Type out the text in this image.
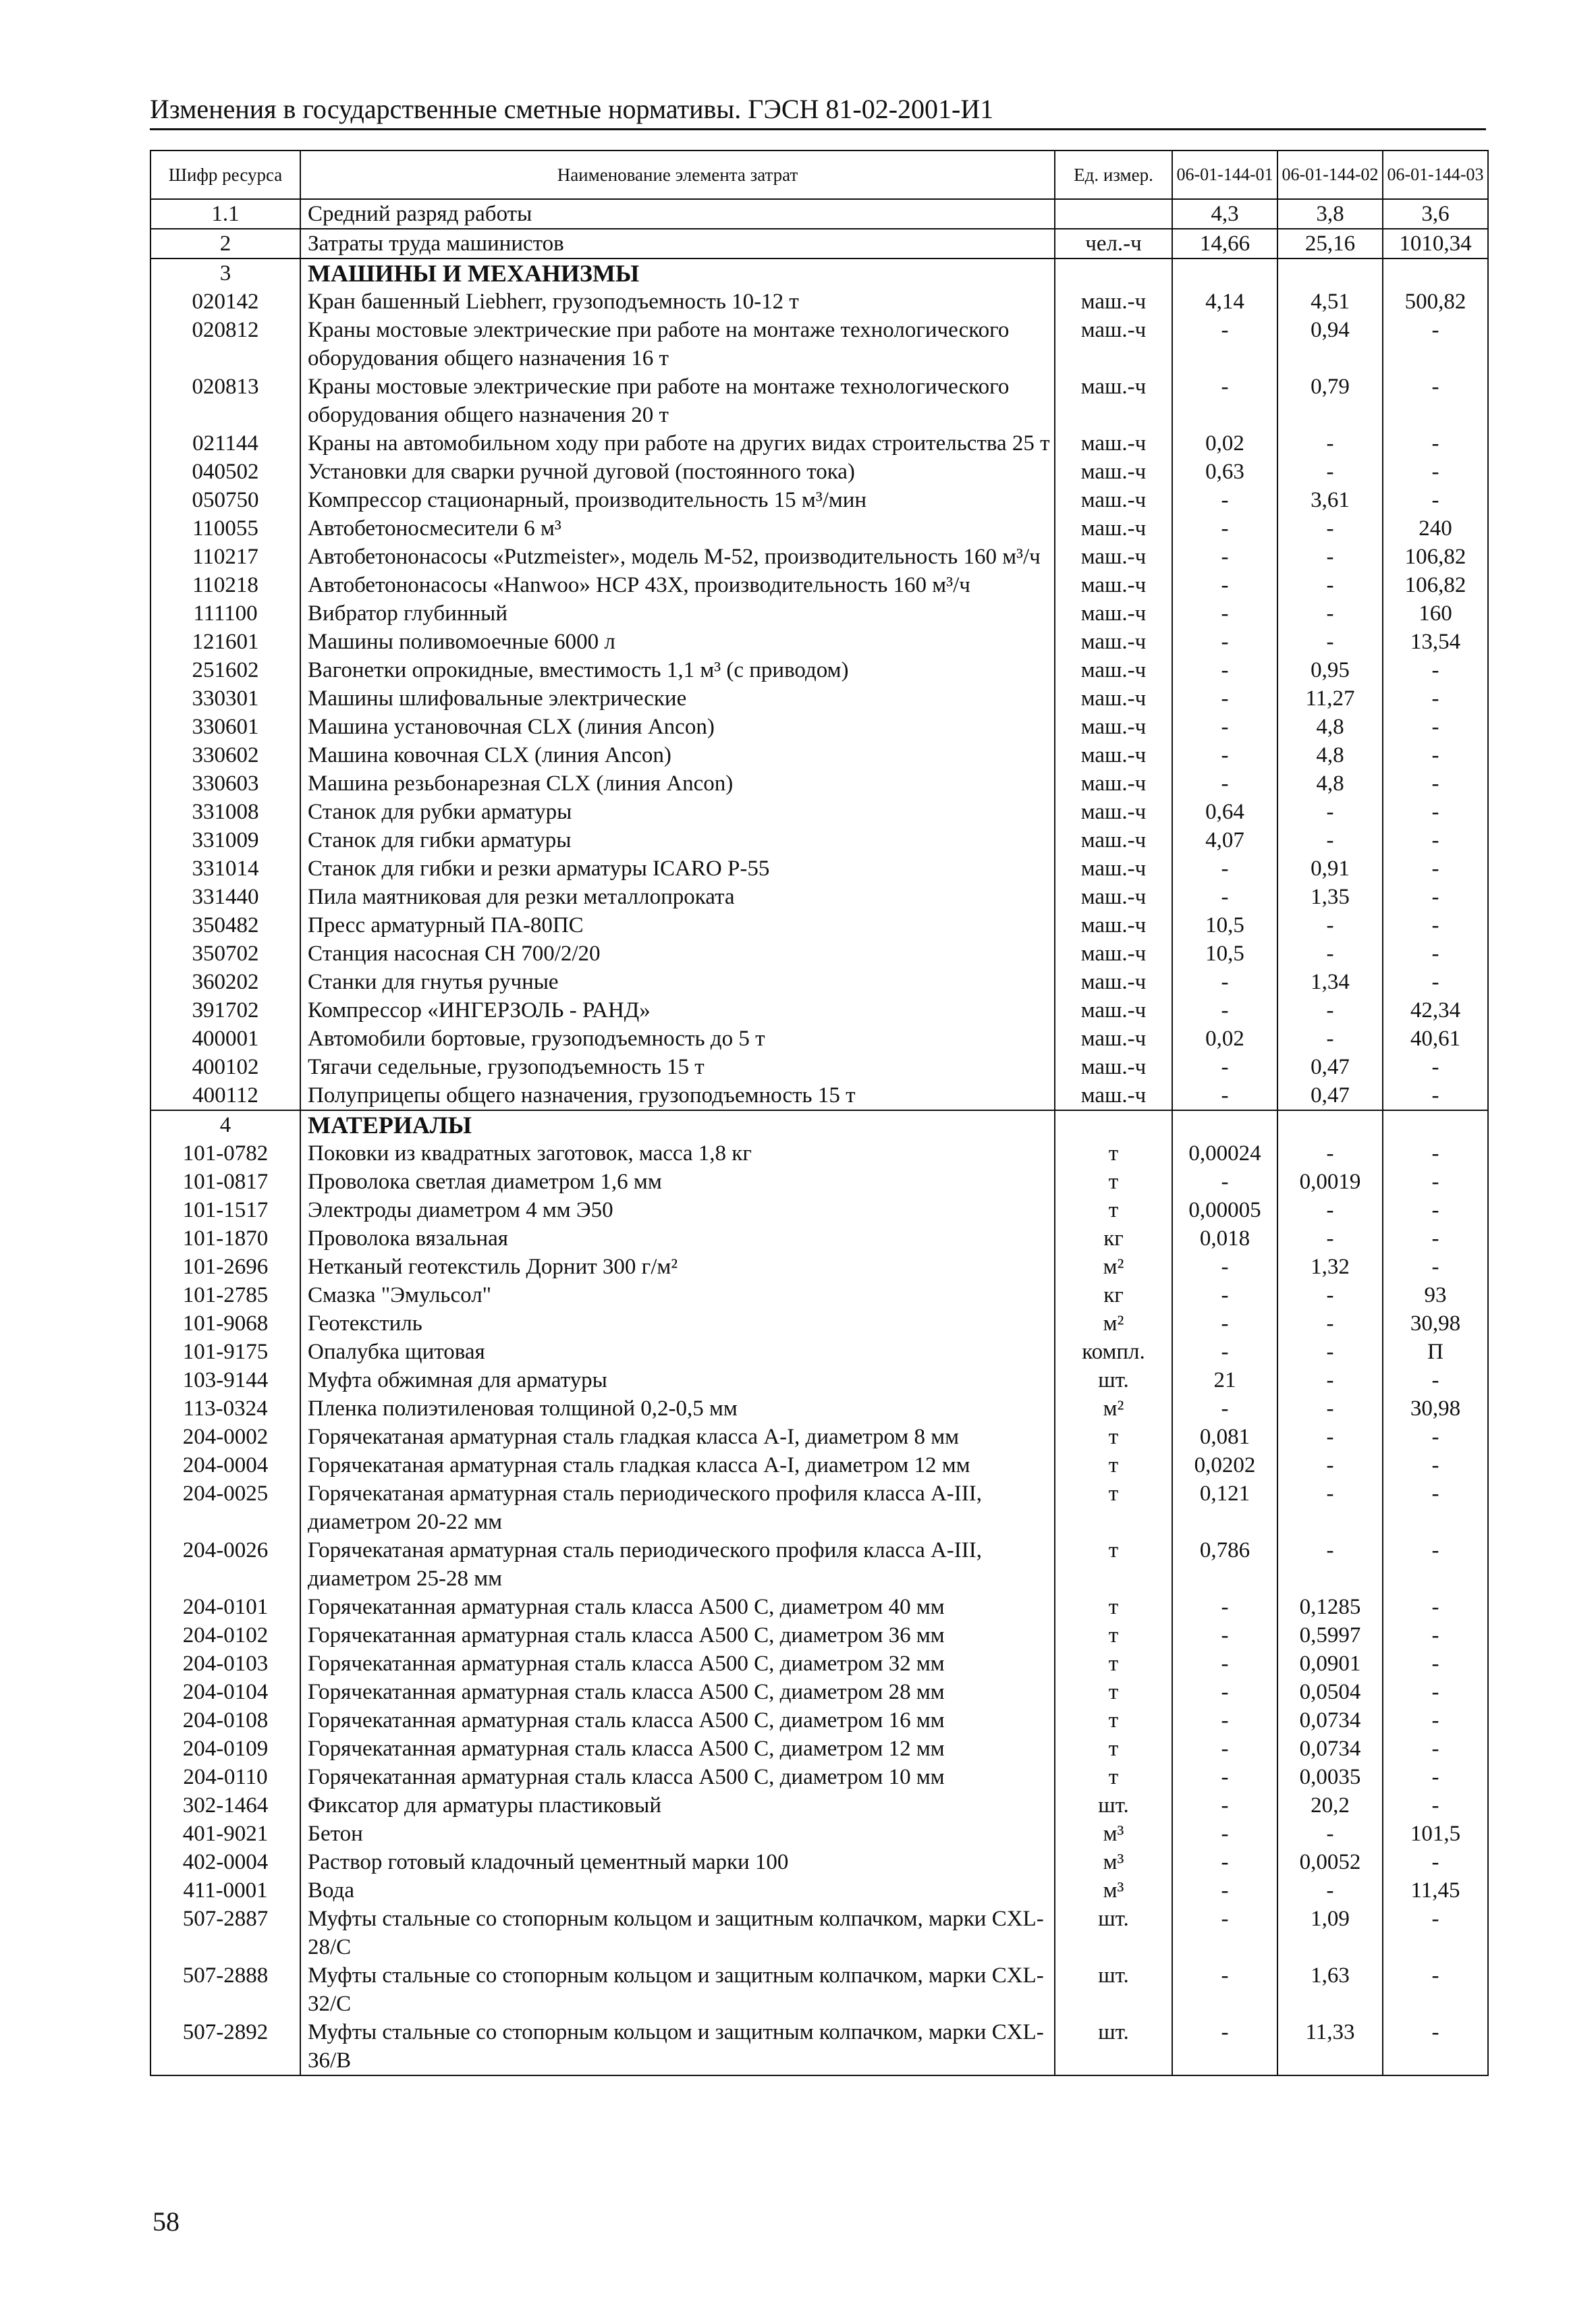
Изменения в государственные сметные нормативы. ГЭСН 81-02-2001-И1
Шифр ресурса	Наименование элемента затрат	Ед. измер.	06-01-144-01	06-01-144-02	06-01-144-03
1.1	Средний разряд работы		4,3	3,8	3,6
2	Затраты труда машинистов	чел.-ч	14,66	25,16	1010,34
3	МАШИНЫ И МЕХАНИЗМЫ				
020142	Кран башенный Liebherr, грузоподъемность 10-12 т	маш.-ч	4,14	4,51	500,82
020812	Краны мостовые электрические при работе на монтаже технологического оборудования общего назначения 16 т	маш.-ч	-	0,94	-
020813	Краны мостовые электрические при работе на монтаже технологического оборудования общего назначения 20 т	маш.-ч	-	0,79	-
021144	Краны на автомобильном ходу при работе на других видах строительства 25 т	маш.-ч	0,02	-	-
040502	Установки для сварки ручной дуговой (постоянного тока)	маш.-ч	0,63	-	-
050750	Компрессор стационарный, производительность 15 м³/мин	маш.-ч	-	3,61	-
110055	Автобетоносмесители 6 м³	маш.-ч	-	-	240
110217	Автобетононасосы «Putzmeister», модель М-52, производительность 160 м³/ч	маш.-ч	-	-	106,82
110218	Автобетононасосы «Hanwoo» НСР 43Х, производительность 160 м³/ч	маш.-ч	-	-	106,82
111100	Вибратор глубинный	маш.-ч	-	-	160
121601	Машины поливомоечные 6000 л	маш.-ч	-	-	13,54
251602	Вагонетки опрокидные, вместимость 1,1 м³ (с приводом)	маш.-ч	-	0,95	-
330301	Машины шлифовальные электрические	маш.-ч	-	11,27	-
330601	Машина установочная CLX (линия Ancon)	маш.-ч	-	4,8	-
330602	Машина ковочная CLX (линия Ancon)	маш.-ч	-	4,8	-
330603	Машина резьбонарезная CLX (линия Ancon)	маш.-ч	-	4,8	-
331008	Станок для рубки арматуры	маш.-ч	0,64	-	-
331009	Станок для гибки арматуры	маш.-ч	4,07	-	-
331014	Станок для гибки и резки арматуры ICARO P-55	маш.-ч	-	0,91	-
331440	Пила маятниковая для резки металлопроката	маш.-ч	-	1,35	-
350482	Пресс арматурный ПА-80ПС	маш.-ч	10,5	-	-
350702	Станция насосная СН 700/2/20	маш.-ч	10,5	-	-
360202	Станки для гнутья ручные	маш.-ч	-	1,34	-
391702	Компрессор «ИНГЕРЗОЛЬ - РАНД»	маш.-ч	-	-	42,34
400001	Автомобили бортовые, грузоподъемность до 5 т	маш.-ч	0,02	-	40,61
400102	Тягачи седельные, грузоподъемность 15 т	маш.-ч	-	0,47	-
400112	Полуприцепы общего назначения, грузоподъемность 15 т	маш.-ч	-	0,47	-
4	МАТЕРИАЛЫ				
101-0782	Поковки из квадратных заготовок, масса 1,8 кг	т	0,00024	-	-
101-0817	Проволока светлая диаметром 1,6 мм	т	-	0,0019	-
101-1517	Электроды диаметром 4 мм Э50	т	0,00005	-	-
101-1870	Проволока вязальная	кг	0,018	-	-
101-2696	Нетканый геотекстиль Дорнит 300 г/м²	м²	-	1,32	-
101-2785	Смазка "Эмульсол"	кг	-	-	93
101-9068	Геотекстиль	м²	-	-	30,98
101-9175	Опалубка щитовая	компл.	-	-	П
103-9144	Муфта обжимная для арматуры	шт.	21	-	-
113-0324	Пленка полиэтиленовая толщиной 0,2-0,5 мм	м²	-	-	30,98
204-0002	Горячекатаная арматурная сталь гладкая класса А-I, диаметром 8 мм	т	0,081	-	-
204-0004	Горячекатаная арматурная сталь гладкая класса А-I, диаметром 12 мм	т	0,0202	-	-
204-0025	Горячекатаная арматурная сталь периодического профиля класса А-III, диаметром 20-22 мм	т	0,121	-	-
204-0026	Горячекатаная арматурная сталь периодического профиля класса А-III, диаметром 25-28 мм	т	0,786	-	-
204-0101	Горячекатанная арматурная сталь класса А500 С, диаметром 40 мм	т	-	0,1285	-
204-0102	Горячекатанная арматурная сталь класса А500 С, диаметром 36 мм	т	-	0,5997	-
204-0103	Горячекатанная арматурная сталь класса А500 С, диаметром 32 мм	т	-	0,0901	-
204-0104	Горячекатанная арматурная сталь класса А500 С, диаметром 28 мм	т	-	0,0504	-
204-0108	Горячекатанная арматурная сталь класса А500 С, диаметром 16 мм	т	-	0,0734	-
204-0109	Горячекатанная арматурная сталь класса А500 С, диаметром 12 мм	т	-	0,0734	-
204-0110	Горячекатанная арматурная сталь класса А500 С, диаметром 10 мм	т	-	0,0035	-
302-1464	Фиксатор для арматуры пластиковый	шт.	-	20,2	-
401-9021	Бетон	м³	-	-	101,5
402-0004	Раствор готовый кладочный цементный марки 100	м³	-	0,0052	-
411-0001	Вода	м³	-	-	11,45
507-2887	Муфты стальные со стопорным кольцом и защитным колпачком, марки CXL-28/С	шт.	-	1,09	-
507-2888	Муфты стальные со стопорным кольцом и защитным колпачком, марки CXL-32/С	шт.	-	1,63	-
507-2892	Муфты стальные со стопорным кольцом и защитным колпачком, марки CXL-36/B	шт.	-	11,33	-
58
